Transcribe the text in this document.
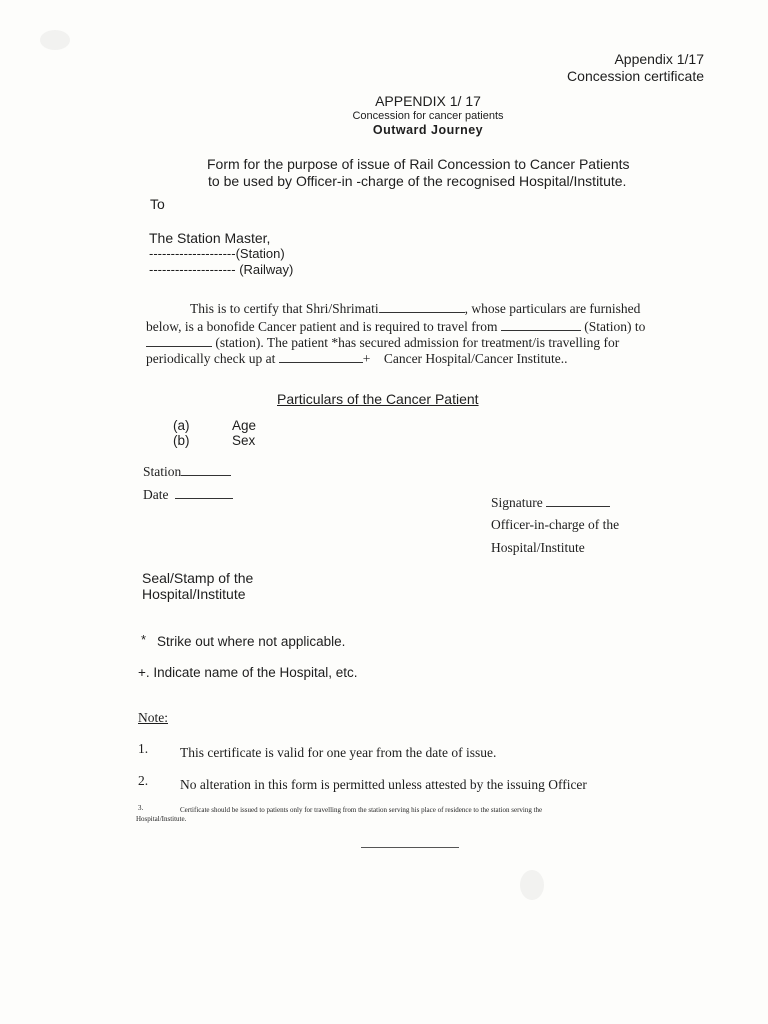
Appendix 1/17
Concession certificate
APPENDIX 1/ 17
Concession for cancer patients
Outward Journey
Form for the purpose of issue of Rail Concession to Cancer Patients
to be used by Officer-in -charge of the recognised Hospital/Institute.
To
The Station Master,
--------------------(Station)
-------------------- (Railway)
This is to certify that Shri/Shrimati	, whose particulars are furnished
below, is a bonofide Cancer patient and is required to travel from	(Station) to
(station). The patient *has secured admission for treatment/is travelling for
periodically check up at	+ Cancer Hospital/Cancer Institute..
Particulars of the Cancer Patient
(a)	Age
(b)	Sex
Station
Date
Signature
Officer-in-charge of the
Hospital/Institute
Seal/Stamp of the
Hospital/Institute
* Strike out where not applicable.
+. Indicate name of the Hospital, etc.
Note:
1. This certificate is valid for one year from the date of issue.
2. No alteration in this form is permitted unless attested by the issuing Officer
3.	Certificate should be issued to patients only for travelling from the station serving his place of residence to the station serving the
Hospital/Institute.
